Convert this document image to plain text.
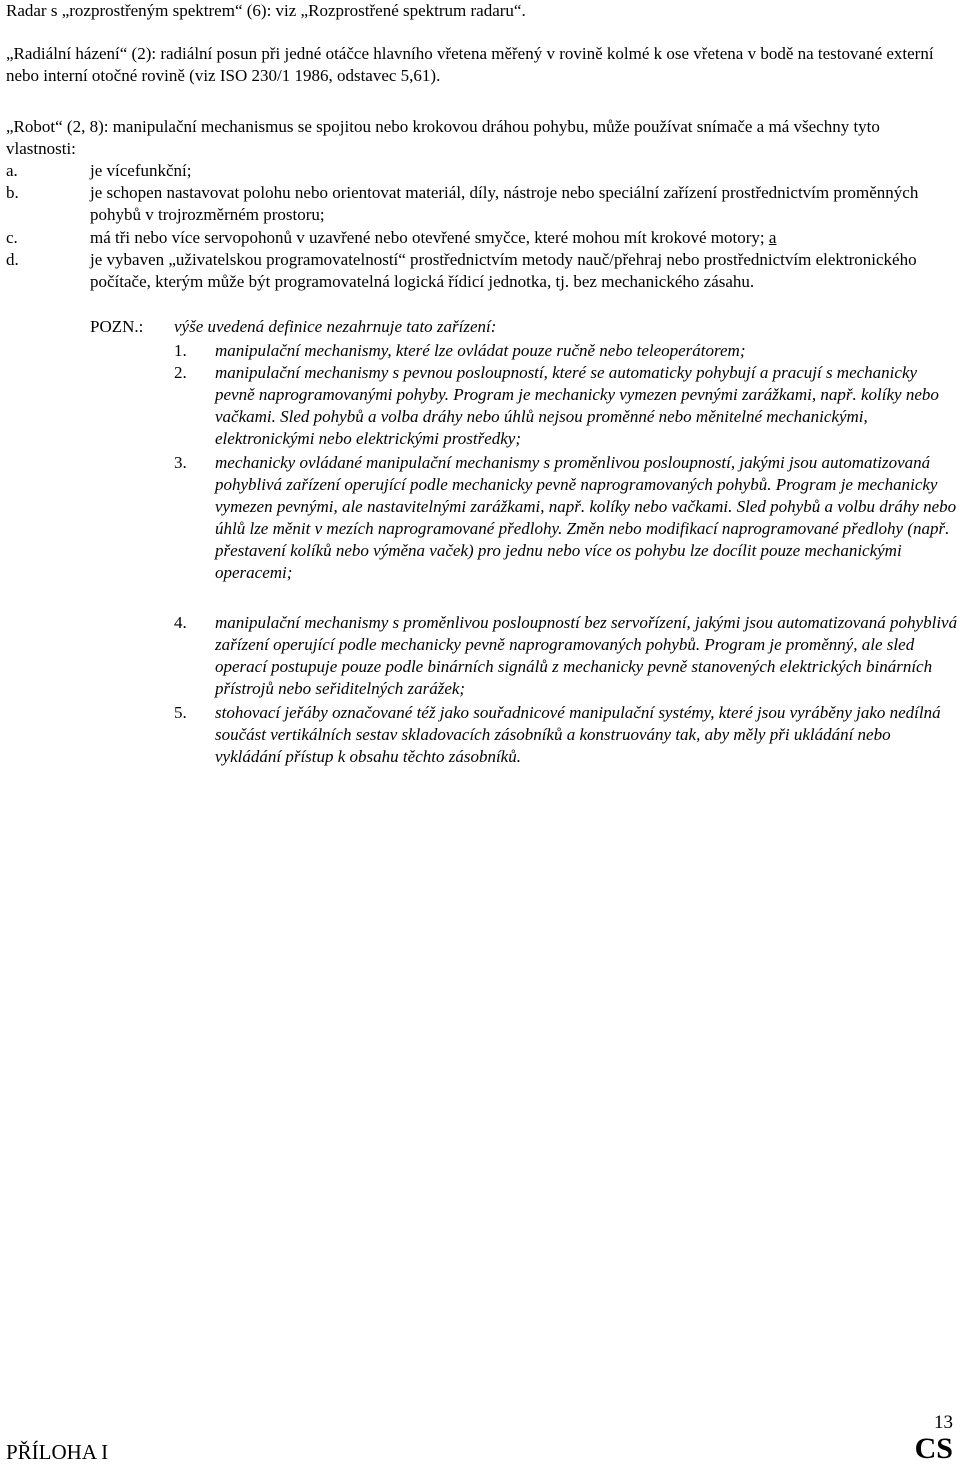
Radar s „rozprostřeným spektrem“ (6): viz „Rozprostřené spektrum radaru“.

„Radiální házení“ (2): radiální posun při jedné otáčce hlavního vřetena měřený v rovině kolmé k ose vřetena v bodě na testované externí nebo interní otočné rovině (viz ISO 230/1 1986, odstavec 5,61).

„Robot“ (2, 8): manipulační mechanismus se spojitou nebo krokovou dráhou pohybu, může používat snímače a má všechny tyto vlastnosti:

a.	je vícefunkční;
b.	je schopen nastavovat polohu nebo orientovat materiál, díly, nástroje nebo speciální zařízení prostřednictvím proměnných pohybů v trojrozměrném prostoru;
c.	má tři nebo více servopohonů v uzavřené nebo otevřené smyčce, které mohou mít krokové motory; a
d.	je vybaven „uživatelskou programovatelností“ prostřednictvím metody nauč/přehraj nebo prostřednictvím elektronického počítače, kterým může být programovatelná logická řídicí jednotka, tj. bez mechanického zásahu.
POZN.: výše uvedená definice nezahrnuje tato zařízení:
1. manipulační mechanismy, které lze ovládat pouze ručně nebo teleoperátorem;
2. manipulační mechanismy s pevnou posloupností, které se automaticky pohybují a pracují s mechanicky pevně naprogramovanými pohyby. Program je mechanicky vymezen pevnými zarážkami, např. kolíky nebo vačkami. Sled pohybů a volba dráhy nebo úhlů nejsou proměnné nebo měnitelné mechanickými, elektronickými nebo elektrickými prostředky;
3. mechanicky ovládané manipulační mechanismy s proměnlivou posloupností, jakými jsou automatizovaná pohyblivá zařízení operující podle mechanicky pevně naprogramovaných pohybů. Program je mechanicky vymezen pevnými, ale nastavitelnými zarážkami, např. kolíky nebo vačkami. Sled pohybů a volbu dráhy nebo úhlů lze měnit v mezích naprogramované předlohy. Změn nebo modifikací naprogramované předlohy (např. přestavení kolíků nebo výměna vaček) pro jednu nebo více os pohybu lze docílit pouze mechanickými operacemi;
4. manipulační mechanismy s proměnlivou posloupností bez servořízení, jakými jsou automatizovaná pohyblivá zařízení operující podle mechanicky pevně naprogramovaných pohybů. Program je proměnný, ale sled operací postupuje pouze podle binárních signálů z mechanicky pevně stanovených elektrických binárních přístrojů nebo seřiditelných zarážek;
5. stohovací jeřáby označované též jako souřadnicové manipulační systémy, které jsou vyráběny jako nedílná součást vertikálních sestav skladovacích zásobníků a konstruovány tak, aby měly při ukládání nebo vykládání přístup k obsahu těchto zásobníků.
PŘÍLOHA I
13
CS
